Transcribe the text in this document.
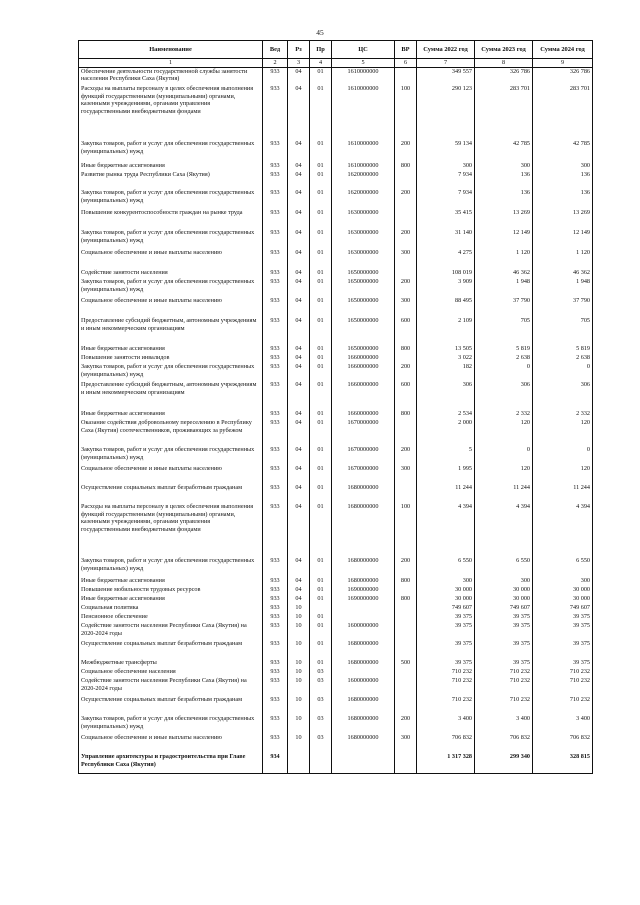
45
Наименование	Вед	Рз	Пр	ЦС	ВР	Сумма 2022 год	Сумма 2023 год	Сумма 2024 год
1	2	3	4	5	6	7	8	9
Обеспечение деятельности государственной службы занятости населения Республики Саха (Якутия)	933	04	01	1610000000		349 557	326 786	326 786
Расходы на выплаты персоналу в целях обеспечения выполнения функций государственными (муниципальными) органами, казенными учреждениями, органами управления государственными внебюджетными фондами	933	04	01	1610000000	100	290 123	283 701	283 701
Закупка товаров, работ и услуг для обеспечения государственных (муниципальных) нужд	933	04	01	1610000000	200	59 134	42 785	42 785
Иные бюджетные ассигнования	933	04	01	1610000000	800	300	300	300
Развитие рынка труда Республики Саха (Якутия)	933	04	01	1620000000		7 934	136	136
Закупка товаров, работ и услуг для обеспечения государственных (муниципальных) нужд	933	04	01	1620000000	200	7 934	136	136
Повышение конкурентоспособности граждан на рынке труда	933	04	01	1630000000		35 415	13 269	13 269
Закупка товаров, работ и услуг для обеспечения государственных (муниципальных) нужд	933	04	01	1630000000	200	31 140	12 149	12 149
Социальное обеспечение и иные выплаты населению	933	04	01	1630000000	300	4 275	1 120	1 120
Содействие занятости населения	933	04	01	1650000000		108 019	46 362	46 362
Закупка товаров, работ и услуг для обеспечения государственных (муниципальных) нужд	933	04	01	1650000000	200	3 909	1 948	1 948
Социальное обеспечение и иные выплаты населению	933	04	01	1650000000	300	88 495	37 790	37 790
Предоставление субсидий бюджетным, автономным учреждениям и иным некоммерческим организациям	933	04	01	1650000000	600	2 109	705	705
Иные бюджетные ассигнования	933	04	01	1650000000	800	13 505	5 819	5 819
Повышение занятости инвалидов	933	04	01	1660000000		3 022	2 638	2 638
Закупка товаров, работ и услуг для обеспечения государственных (муниципальных) нужд	933	04	01	1660000000	200	182	0	0
Предоставление субсидий бюджетным, автономным учреждениям и иным некоммерческим организациям	933	04	01	1660000000	600	306	306	306
Иные бюджетные ассигнования	933	04	01	1660000000	800	2 534	2 332	2 332
Оказание содействия добровольному переселению в Республику Саха (Якутия) соотечественников, проживающих за рубежом	933	04	01	1670000000		2 000	120	120
Закупка товаров, работ и услуг для обеспечения государственных (муниципальных) нужд	933	04	01	1670000000	200	5	0	0
Социальное обеспечение и иные выплаты населению	933	04	01	1670000000	300	1 995	120	120
Осуществление социальных выплат безработным гражданам	933	04	01	1680000000		11 244	11 244	11 244
Расходы на выплаты персоналу в целях обеспечения выполнения функций государственными (муниципальными) органами, казенными учреждениями, органами управления государственными внебюджетными фондами	933	04	01	1680000000	100	4 394	4 394	4 394
Закупка товаров, работ и услуг для обеспечения государственных (муниципальных) нужд	933	04	01	1680000000	200	6 550	6 550	6 550
Иные бюджетные ассигнования	933	04	01	1680000000	800	300	300	300
Повышение мобильности трудовых ресурсов	933	04	01	1690000000		30 000	30 000	30 000
Иные бюджетные ассигнования	933	04	01	1690000000	800	30 000	30 000	30 000
Социальная политика	933	10				749 607	749 607	749 607
Пенсионное обеспечение	933	10	01			39 375	39 375	39 375
Содействие занятости населения Республики Саха (Якутия) на 2020-2024 годы	933	10	01	1600000000		39 375	39 375	39 375
Осуществление социальных выплат безработным гражданам	933	10	01	1680000000		39 375	39 375	39 375
Межбюджетные трансферты	933	10	01	1680000000	500	39 375	39 375	39 375
Социальное обеспечение населения	933	10	03			710 232	710 232	710 232
Содействие занятости населения Республики Саха (Якутия) на 2020-2024 годы	933	10	03	1600000000		710 232	710 232	710 232
Осуществление социальных выплат безработным гражданам	933	10	03	1680000000		710 232	710 232	710 232
Закупка товаров, работ и услуг для обеспечения государственных (муниципальных) нужд	933	10	03	1680000000	200	3 400	3 400	3 400
Социальное обеспечение и иные выплаты населению	933	10	03	1680000000	300	706 832	706 832	706 832
Управление архитектуры и градостроительства при Главе Республики Саха (Якутия)	934					1 317 328	299 340	328 815
